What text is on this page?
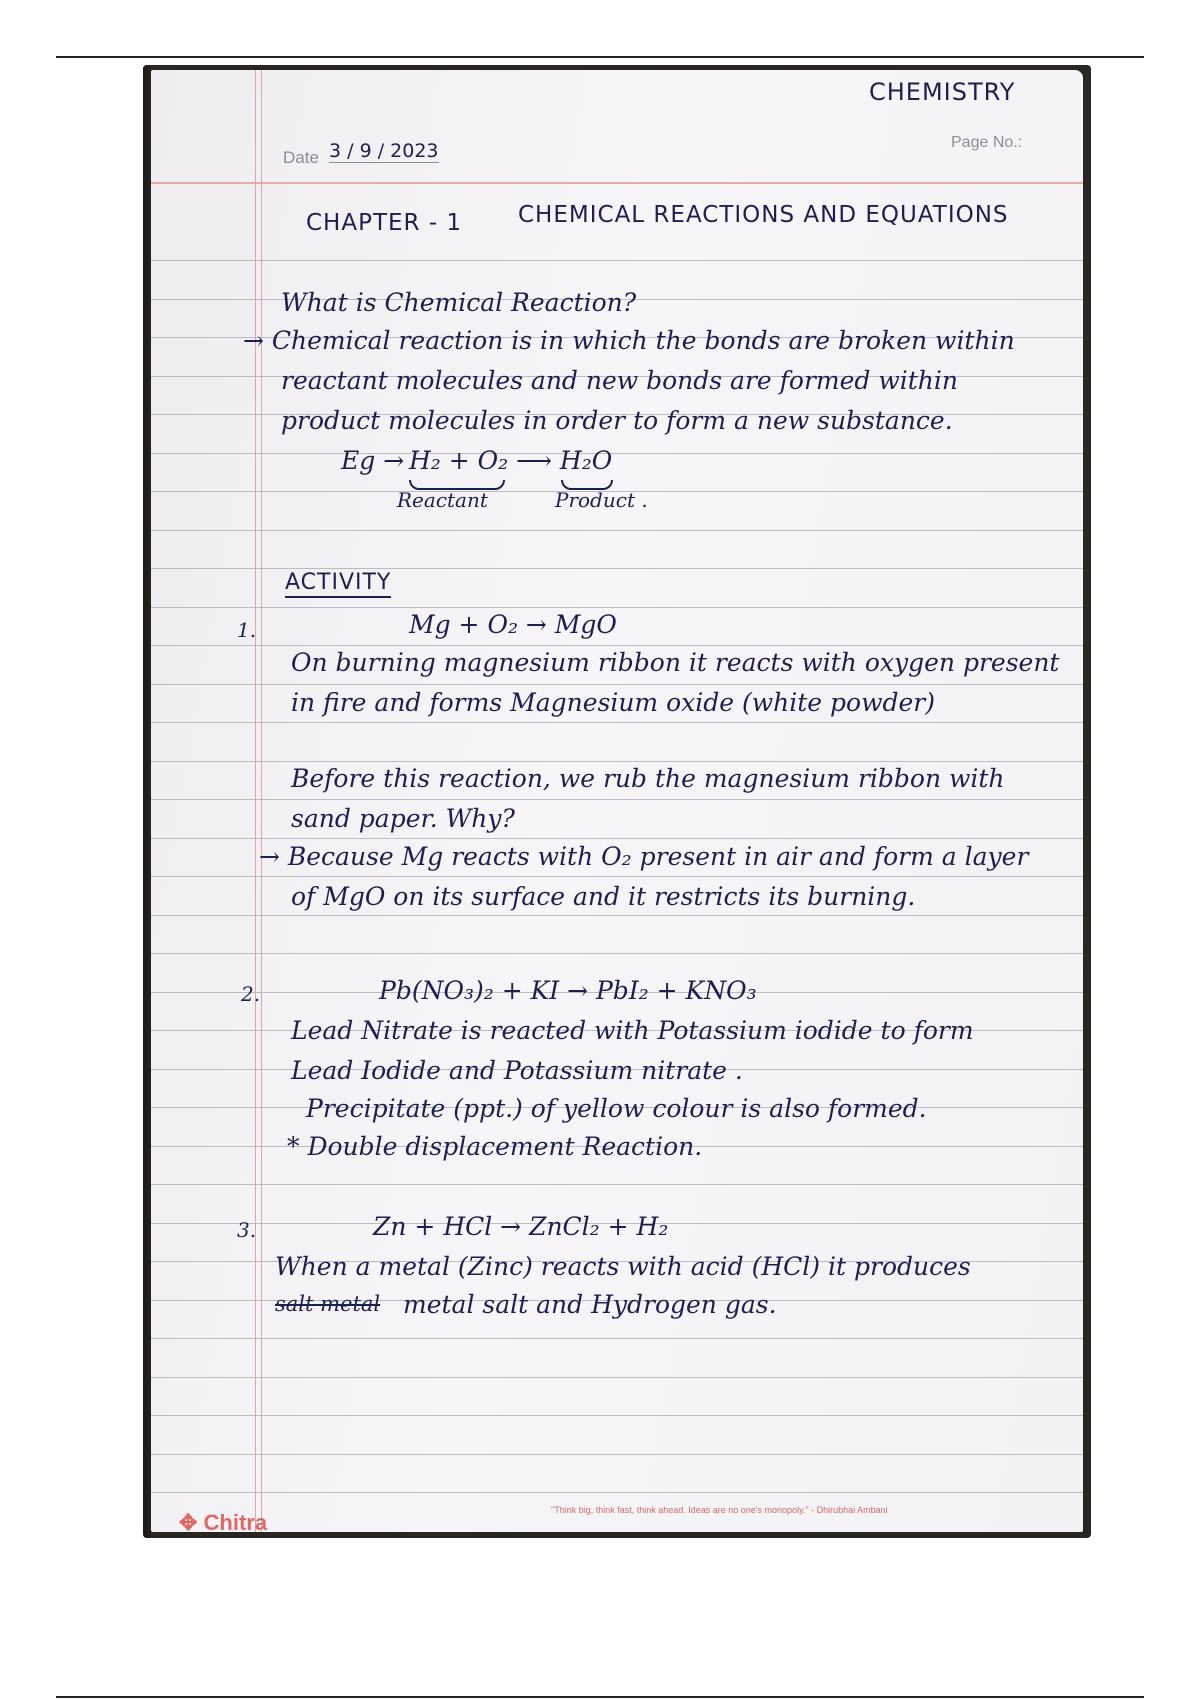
CHEMISTRY
Date 3 / 9 / 2023	Page No.:
CHAPTER - 1 CHEMICAL REACTIONS AND EQUATIONS
What is Chemical Reaction?
→ Chemical reaction is in which the bonds are broken within
reactant molecules and new bonds are formed within
product molecules in order to form a new substance.
Eg → H₂ + O₂ ⟶ H₂O
Reactant	Product .
ACTIVITY
1.	Mg + O₂ → MgO
On burning magnesium ribbon it reacts with oxygen present
in fire and forms Magnesium oxide (white powder)
Before this reaction, we rub the magnesium ribbon with
sand paper. Why?
→ Because Mg reacts with O₂ present in air and form a layer
of MgO on its surface and it restricts its burning.
2.	Pb(NO₃)₂ + KI → PbI₂ + KNO₃
Lead Nitrate is reacted with Potassium iodide to form
Lead Iodide and Potassium nitrate .
Precipitate (ppt.) of yellow colour is also formed.
* Double displacement Reaction.
3.	Zn + HCl → ZnCl₂ + H₂
When a metal (Zinc) reacts with acid (HCl) it produces
salt metal metal salt and Hydrogen gas.
✥ Chitra	"Think big, think fast, think ahead. Ideas are no one's monopoly." - Dhirubhai Ambani
